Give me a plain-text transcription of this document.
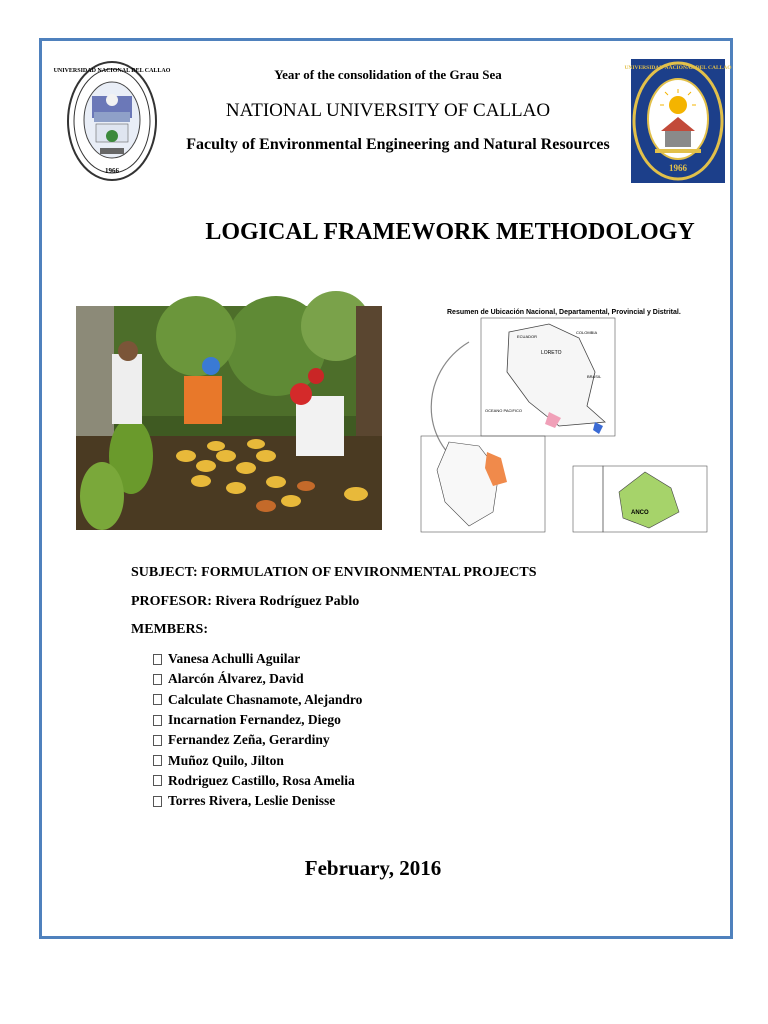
1966
UNIVERSIDAD NACIONAL DEL CALLAO
1966
UNIVERSIDAD NACIONAL DEL CALLAO
Year of the consolidation of the Grau Sea
NATIONAL UNIVERSITY OF CALLAO
Faculty of Environmental Engineering and Natural Resources
LOGICAL FRAMEWORK METHODOLOGY
Resumen de Ubicación Nacional, Departamental, Provincial y Distrital.
COLOMBIA
ECUADOR
LORETO
BRASIL
OCEANO PACIFICO
ANCO
SUBJECT: FORMULATION OF ENVIRONMENTAL PROJECTS
PROFESOR: Rivera Rodríguez Pablo
MEMBERS:
Vanesa Achulli Aguilar
Alarcón Álvarez, David
Calculate Chasnamote, Alejandro
Incarnation Fernandez, Diego
Fernandez Zeña, Gerardiny
Muñoz Quilo, Jilton
Rodriguez Castillo, Rosa Amelia
Torres Rivera, Leslie Denisse
February, 2016
